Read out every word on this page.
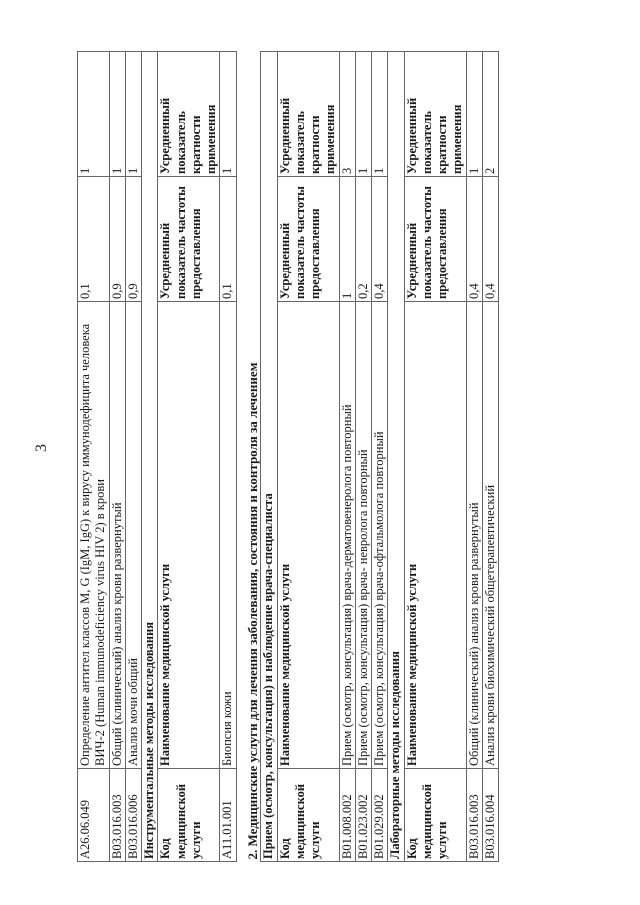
3
A26.06.049	Определение антител классов M, G (IgM, IgG) к вирусу иммунодефицита человека ВИЧ-2 (Human immunodeficiency virus HIV 2) в крови	0,1	1
B03.016.003	Общий (клинический) анализ крови развернутый	0,9	1
B03.016.006	Анализ мочи общий	0,9	1
Инструментальные методы исследования			
Код медицинской услуги	Наименование медицинской услуги	Усредненный показатель частоты предоставления	Усредненный показатель кратности применения
A11.01.001	Биопсия кожи	0,1	1

2. Медицинские услуги для лечения заболевания, состояния и контроля за лечением			
Прием (осмотр, консультация) и наблюдение врача-специалиста			
Код медицинской услуги	Наименование медицинской услуги	Усредненный показатель частоты предоставления	Усредненный показатель кратности применения
B01.008.002	Прием (осмотр, консультация) врача-дерматовенеролога повторный	1	3
B01.023.002	Прием (осмотр, консультация) врача- невролога повторный	0,2	1
B01.029.002	Прием (осмотр, консультация) врача-офтальмолога повторный	0,4	1
Лабораторные методы исследования			
Код медицинской услуги	Наименование медицинской услуги	Усредненный показатель частоты предоставления	Усредненный показатель кратности применения
B03.016.003	Общий (клинический) анализ крови развернутый	0,4	1
B03.016.004	Анализ крови биохимический общетерапевтический	0,4	2
